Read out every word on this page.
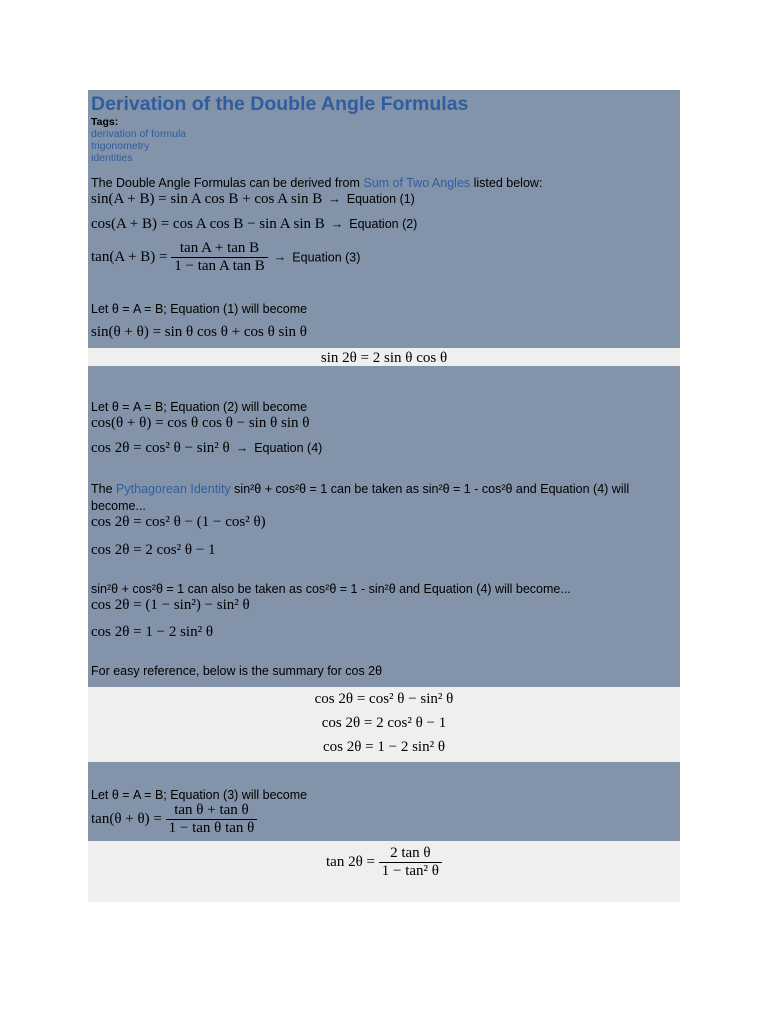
Derivation of the Double Angle Formulas
Tags:
derivation of formula
trigonometry
identities
The Double Angle Formulas can be derived from Sum of Two Angles listed below:
sin(A + B) = sin A cos B + cos A sin B → Equation (1)
cos(A + B) = cos A cos B − sin A sin B → Equation (2)
$\tan(A + B) = \frac{\text{tan A + tan B}}{\text{1 − tan A tan B}}$ → Equation (3)
Let θ = A = B; Equation (1) will become
sin(θ + θ) = sin θ cos θ + cos θ sin θ
sin 2θ = 2 sin θ cos θ
Let θ = A = B; Equation (2) will become
cos(θ + θ) = cos θ cos θ − sin θ sin θ
cos 2θ = cos² θ − sin² θ → Equation (4)
The Pythagorean Identity sin²θ + cos²θ = 1 can be taken as sin²θ = 1 - cos²θ and Equation (4) will
become...
cos 2θ = cos² θ − (1 − cos² θ)
cos 2θ = 2 cos² θ − 1
sin²θ + cos²θ = 1 can also be taken as cos²θ = 1 - sin²θ and Equation (4) will become...
cos 2θ = (1 − sin²) − sin² θ
cos 2θ = 1 − 2 sin² θ
For easy reference, below is the summary for cos 2θ
cos 2θ = cos² θ − sin² θ
cos 2θ = 2 cos² θ − 1
cos 2θ = 1 − 2 sin² θ
Let θ = A = B; Equation (3) will become
$\tan(\theta + \theta) = \frac{\text{tan θ + tan θ}}{\text{1 − tan θ tan θ}}$
$\tan 2\theta = \frac{\text{2 tan θ}}{\text{1 − tan² θ}}$
